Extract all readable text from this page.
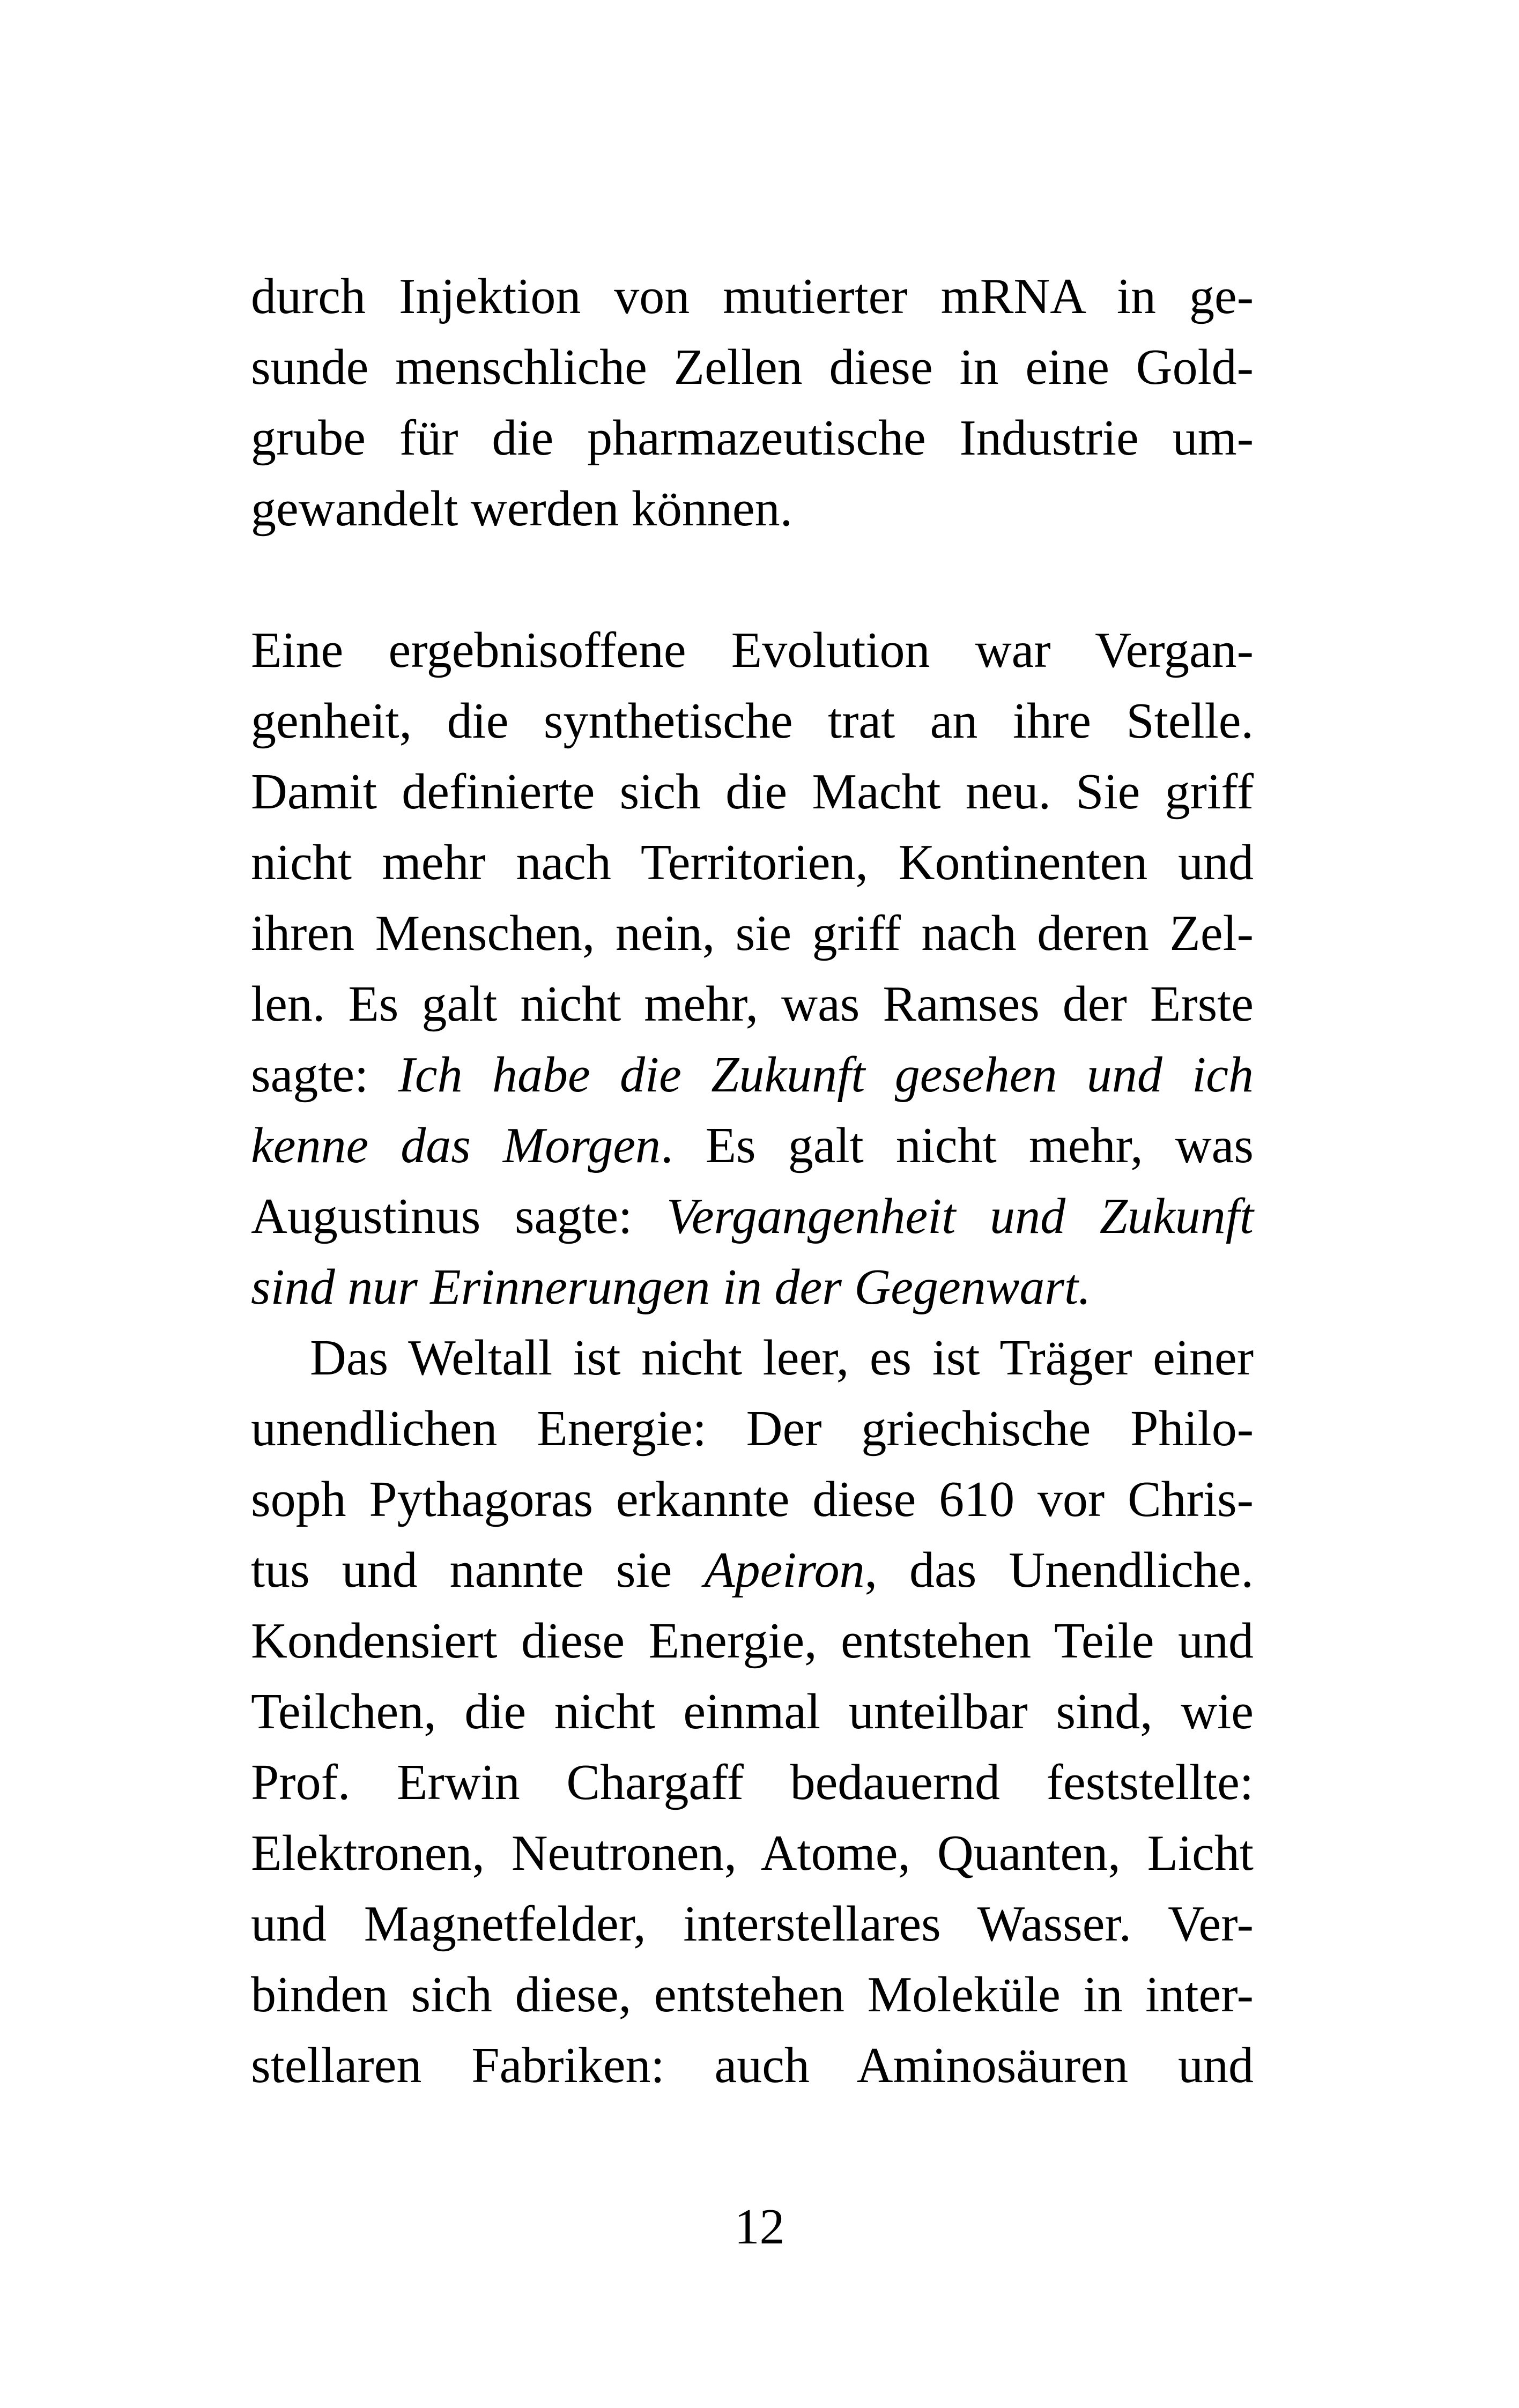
durch Injektion von mutierter mRNA in ge-
sunde menschliche Zellen diese in eine Gold-
grube für die pharmazeutische Industrie um-
gewandelt werden können.
Eine ergebnisoffene Evolution war Vergan-
genheit, die synthetische trat an ihre Stelle.
Damit definierte sich die Macht neu. Sie griff
nicht mehr nach Territorien, Kontinenten und
ihren Menschen, nein, sie griff nach deren Zel-
len. Es galt nicht mehr, was Ramses der Erste
sagte: Ich habe die Zukunft gesehen und ich
kenne das Morgen. Es galt nicht mehr, was
Augustinus sagte: Vergangenheit und Zukunft
sind nur Erinnerungen in der Gegenwart.
Das Weltall ist nicht leer, es ist Träger einer
unendlichen Energie: Der griechische Philo-
soph Pythagoras erkannte diese 610 vor Chris-
tus und nannte sie Apeiron, das Unendliche.
Kondensiert diese Energie, entstehen Teile und
Teilchen, die nicht einmal unteilbar sind, wie
Prof. Erwin Chargaff bedauernd feststellte:
Elektronen, Neutronen, Atome, Quanten, Licht
und Magnetfelder, interstellares Wasser. Ver-
binden sich diese, entstehen Moleküle in inter-
stellaren Fabriken: auch Aminosäuren und
12
